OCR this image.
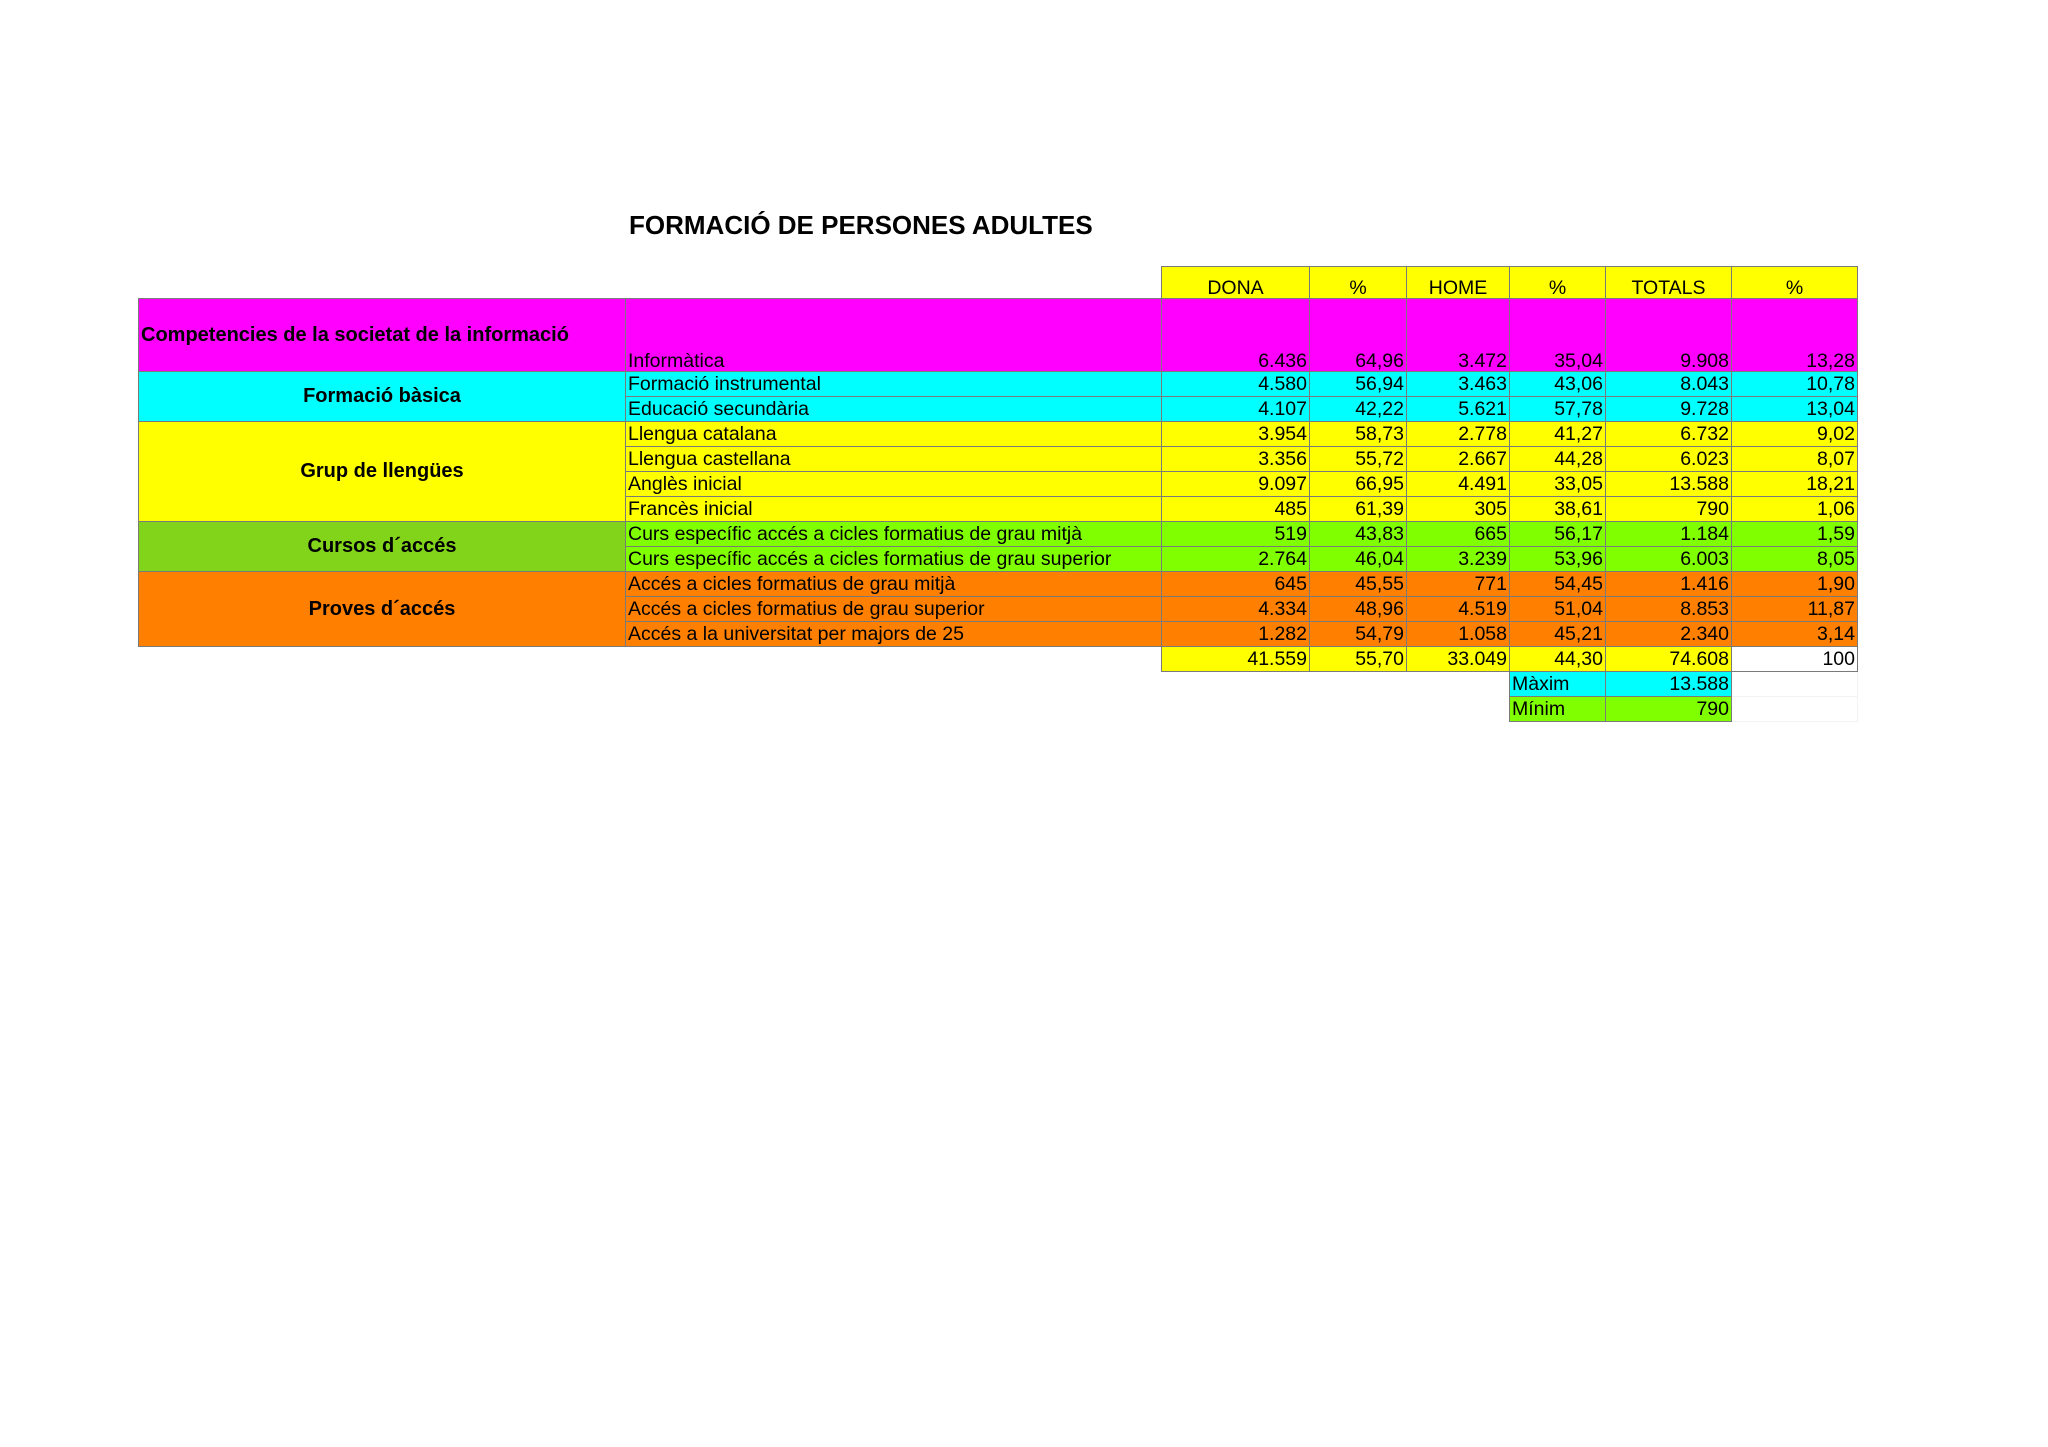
FORMACIÓ DE PERSONES ADULTES
		DONA	%	HOME	%	TOTALS	%
Competencies de la societat de la informació	Informàtica	6.436	64,96	3.472	35,04	9.908	13,28
Formació bàsica	Formació instrumental	4.580	56,94	3.463	43,06	8.043	10,78
	Educació secundària	4.107	42,22	5.621	57,78	9.728	13,04
Grup de llengües	Llengua catalana	3.954	58,73	2.778	41,27	6.732	9,02
	Llengua castellana	3.356	55,72	2.667	44,28	6.023	8,07
	Anglès inicial	9.097	66,95	4.491	33,05	13.588	18,21
	Francès inicial	485	61,39	305	38,61	790	1,06
Cursos d´accés	Curs específic accés a cicles formatius de grau mitjà	519	43,83	665	56,17	1.184	1,59
	Curs específic accés a cicles formatius de grau superior	2.764	46,04	3.239	53,96	6.003	8,05
Proves d´accés	Accés a cicles formatius de grau mitjà	645	45,55	771	54,45	1.416	1,90
	Accés a cicles formatius de grau superior	4.334	48,96	4.519	51,04	8.853	11,87
	Accés a la universitat per majors de 25	1.282	54,79	1.058	45,21	2.340	3,14
		41.559	55,70	33.049	44,30	74.608	100
					Màxim	13.588	
					Mínim	790	
